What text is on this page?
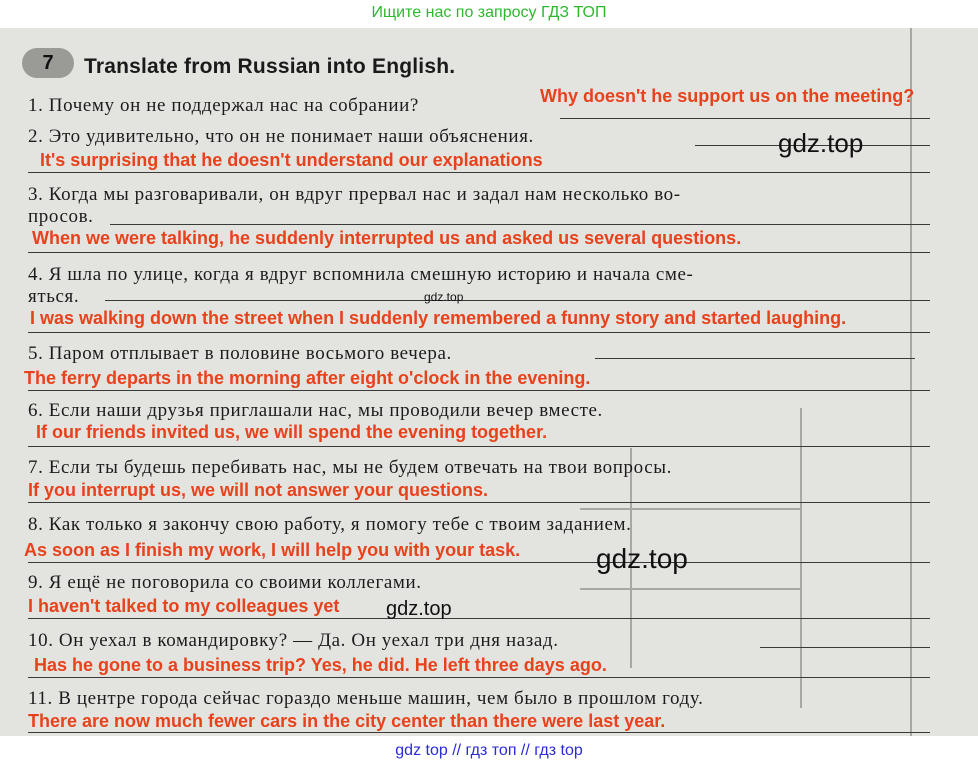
Ищите нас по запросу ГДЗ ТОП
7	Translate from Russian into English.
1. Почему он не поддержал нас на собрании?	Why doesn't he support us on the meeting?
2. Это удивительно, что он не понимает наши объяснения.
It's surprising that he doesn't understand our explanations
3. Когда мы разговаривали, он вдруг прервал нас и задал нам несколько во-
просов.
When we were talking, he suddenly interrupted us and asked us several questions.
4. Я шла по улице, когда я вдруг вспомнила смешную историю и начала сме-
яться.
I was walking down the street when I suddenly remembered a funny story and started laughing.
5. Паром отплывает в половине восьмого вечера.
The ferry departs in the morning after eight o'clock in the evening.
6. Если наши друзья приглашали нас, мы проводили вечер вместе.
If our friends invited us, we will spend the evening together.
7. Если ты будешь перебивать нас, мы не будем отвечать на твои вопросы.
If you interrupt us, we will not answer your questions.
8. Как только я закончу свою работу, я помогу тебе с твоим заданием.
As soon as I finish my work, I will help you with your task.
9. Я ещё не поговорила со своими коллегами.
I haven't talked to my colleagues yet
10. Он уехал в командировку? — Да. Он уехал три дня назад.
Has he gone to a business trip? Yes, he did. He left three days ago.
11. В центре города сейчас гораздо меньше машин, чем было в прошлом году.
There are now much fewer cars in the city center than there were last year.
gdz.top
gdz.top
gdz.top
gdz.top
gdz top // гдз топ // гдз top
